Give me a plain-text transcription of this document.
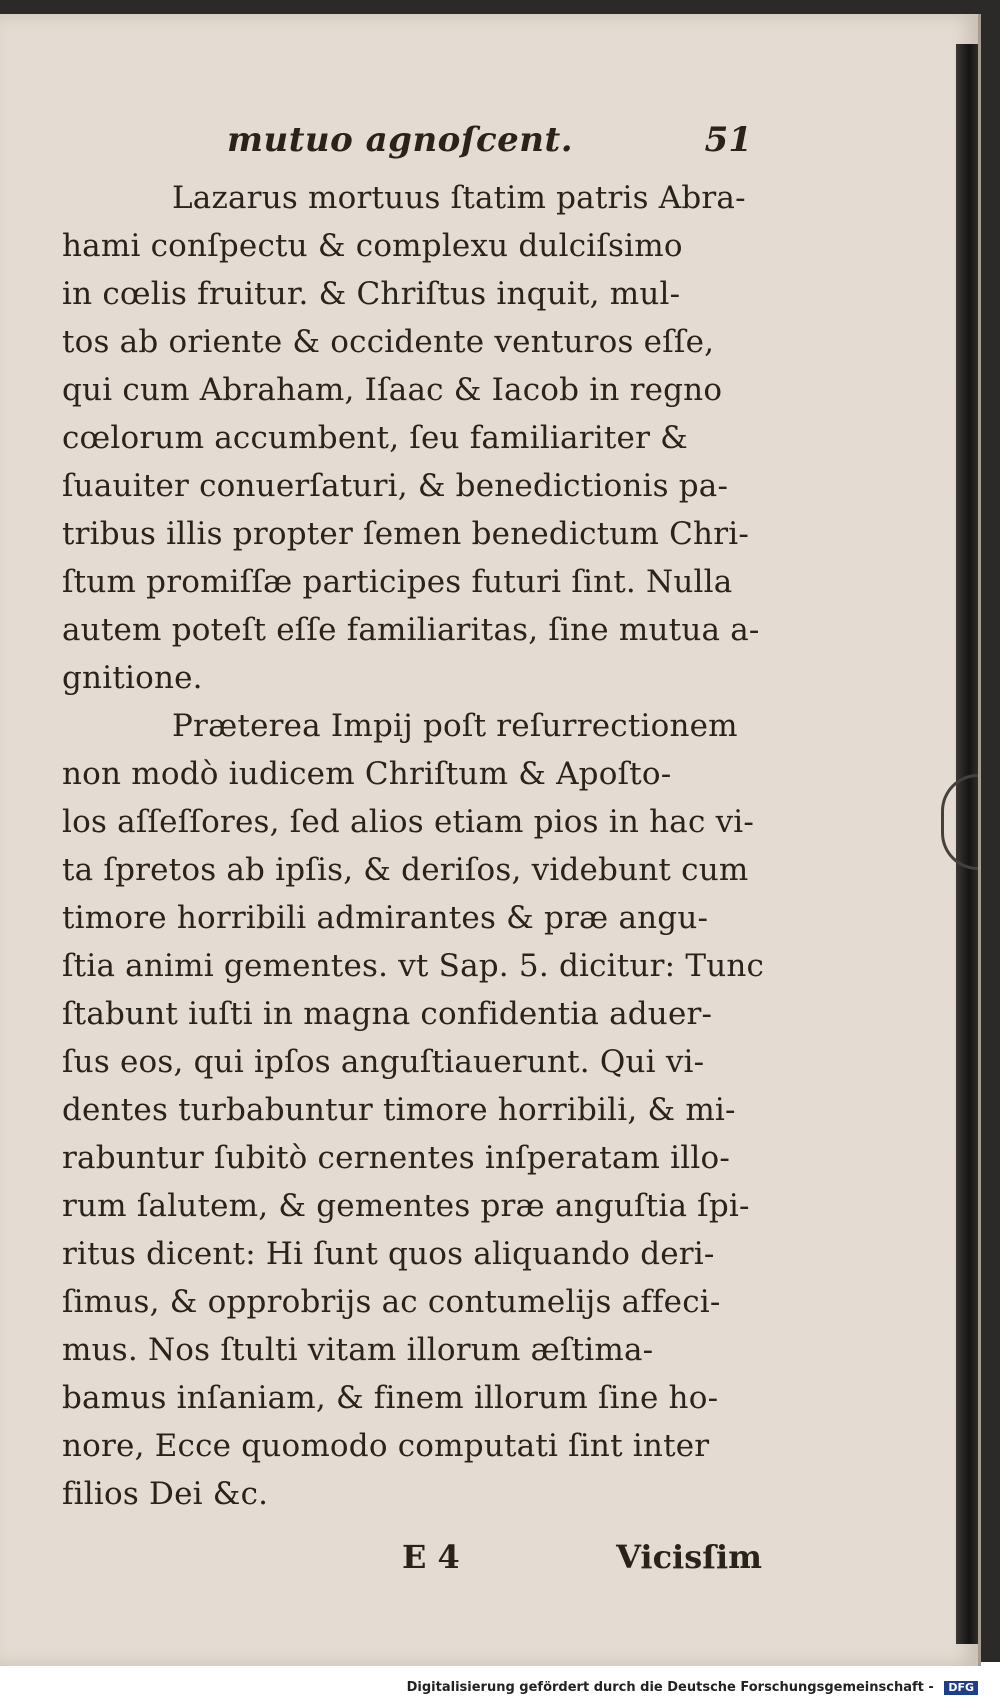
mutuo agnoſcent.	51
Lazarus mortuus ſtatim patris Abra-
hami conſpectu & complexu dulciſsimo
in cœlis fruitur. & Chriſtus inquit, mul-
tos ab oriente & occidente venturos eſſe,
qui cum Abraham, Iſaac & Iacob in regno
cœlorum accumbent, ſeu familiariter &
ſuauiter conuerſaturi, & benedictionis pa-
tribus illis propter ſemen benedictum Chri-
ſtum promiſſæ participes futuri ſint. Nulla
autem poteſt eſſe familiaritas, ſine mutua a-
gnitione.
Præterea Impij poſt reſurrectionem
non modò iudicem Chriſtum & Apoſto-
los aſſeſſores, ſed alios etiam pios in hac vi-
ta ſpretos ab ipſis, & deriſos, videbunt cum
timore horribili admirantes & præ angu-
ſtia animi gementes. vt Sap. 5. dicitur: Tunc
ſtabunt iuſti in magna confidentia aduer-
ſus eos, qui ipſos anguſtiauerunt. Qui vi-
dentes turbabuntur timore horribili, & mi-
rabuntur ſubitò cernentes inſperatam illo-
rum ſalutem, & gementes præ anguſtia ſpi-
ritus dicent: Hi ſunt quos aliquando deri-
ſimus, & opprobrijs ac contumelijs affeci-
mus. Nos ſtulti vitam illorum æſtima-
bamus inſaniam, & finem illorum ſine ho-
nore, Ecce quomodo computati ſint inter
filios Dei &c.
E 4	Vicisſim
Digitalisierung gefördert durch die Deutsche Forschungsgemeinschaft - DFG
